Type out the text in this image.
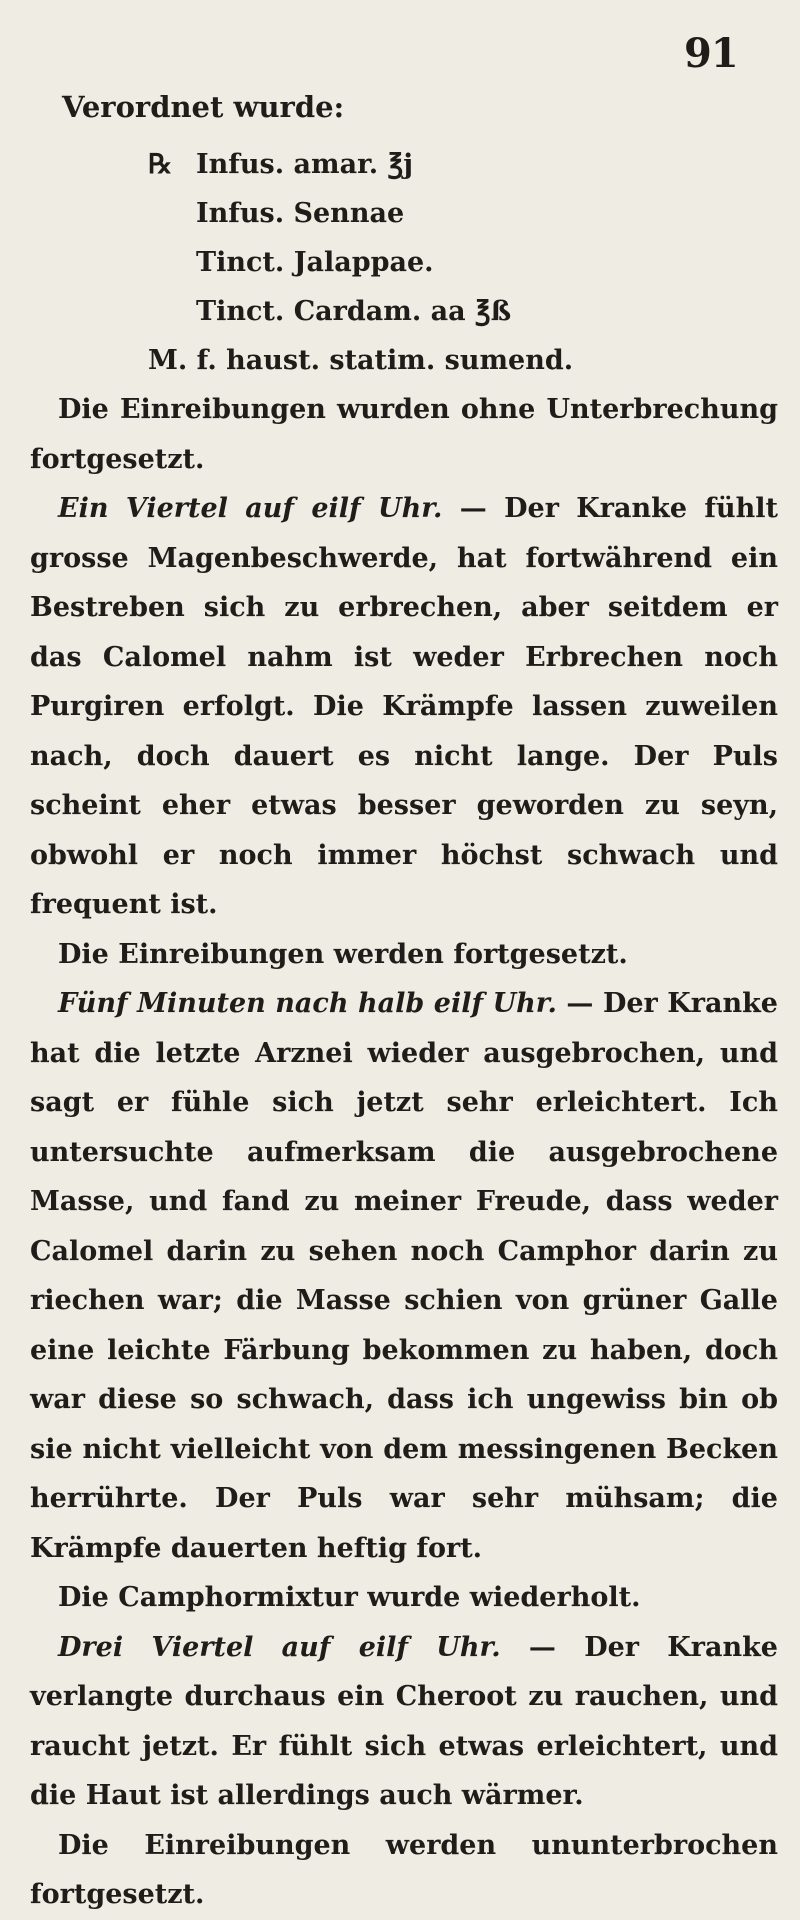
91
Verordnet wurde:
℞ Infus. amar. ℥j
Infus. Sennae
Tinct. Jalappae.
Tinct. Cardam. aa ℥ß
M. f. haust. statim. sumend.

Die Einreibungen wurden ohne Unterbrechung fortgesetzt.

Ein Viertel auf eilf Uhr. — Der Kranke fühlt grosse Magenbeschwerde, hat fortwährend ein Bestreben sich zu erbrechen, aber seitdem er das Calomel nahm ist weder Erbrechen noch Purgiren erfolgt. Die Krämpfe lassen zuweilen nach, doch dauert es nicht lange. Der Puls scheint eher etwas besser geworden zu seyn, obwohl er noch immer höchst schwach und frequent ist.

Die Einreibungen werden fortgesetzt.

Fünf Minuten nach halb eilf Uhr. — Der Kranke hat die letzte Arznei wieder ausgebrochen, und sagt er fühle sich jetzt sehr erleichtert. Ich untersuchte aufmerksam die ausgebrochene Masse, und fand zu meiner Freude, dass weder Calomel darin zu sehen noch Camphor darin zu riechen war; die Masse schien von grüner Galle eine leichte Färbung bekommen zu haben, doch war diese so schwach, dass ich ungewiss bin ob sie nicht vielleicht von dem messingenen Becken herrührte. Der Puls war sehr mühsam; die Krämpfe dauerten heftig fort.

Die Camphormixtur wurde wiederholt.

Drei Viertel auf eilf Uhr. — Der Kranke verlangte durchaus ein Cheroot zu rauchen, und raucht jetzt. Er fühlt sich etwas erleichtert, und die Haut ist allerdings auch wärmer.

Die Einreibungen werden ununterbrochen fortgesetzt.
